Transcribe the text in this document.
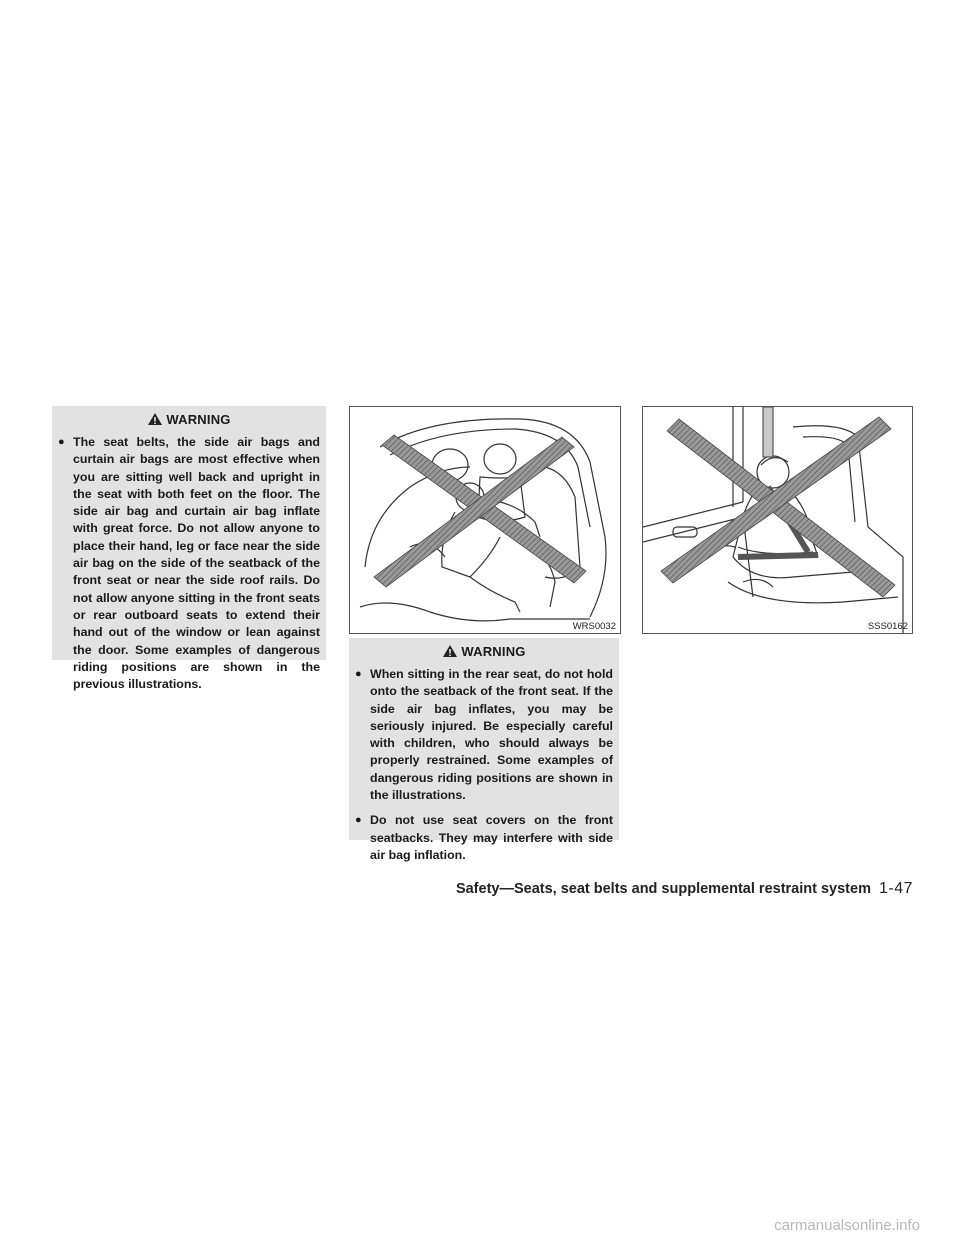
WARNING
● The seat belts, the side air bags and curtain air bags are most effective when you are sitting well back and upright in the seat with both feet on the floor. The side air bag and curtain air bag inflate with great force. Do not allow anyone to place their hand, leg or face near the side air bag on the side of the seatback of the front seat or near the side roof rails. Do not allow anyone sitting in the front seats or rear outboard seats to extend their hand out of the window or lean against the door. Some examples of dangerous riding positions are shown in the previous illustrations.
WRS0032	SSS0162
WARNING
● When sitting in the rear seat, do not hold onto the seatback of the front seat. If the side air bag inflates, you may be seriously injured. Be especially careful with children, who should always be properly restrained. Some examples of dangerous riding positions are shown in the illustrations.
● Do not use seat covers on the front seatbacks. They may interfere with side air bag inflation.
Safety—Seats, seat belts and supplemental restraint system 1-47
carmanualsonline.info
